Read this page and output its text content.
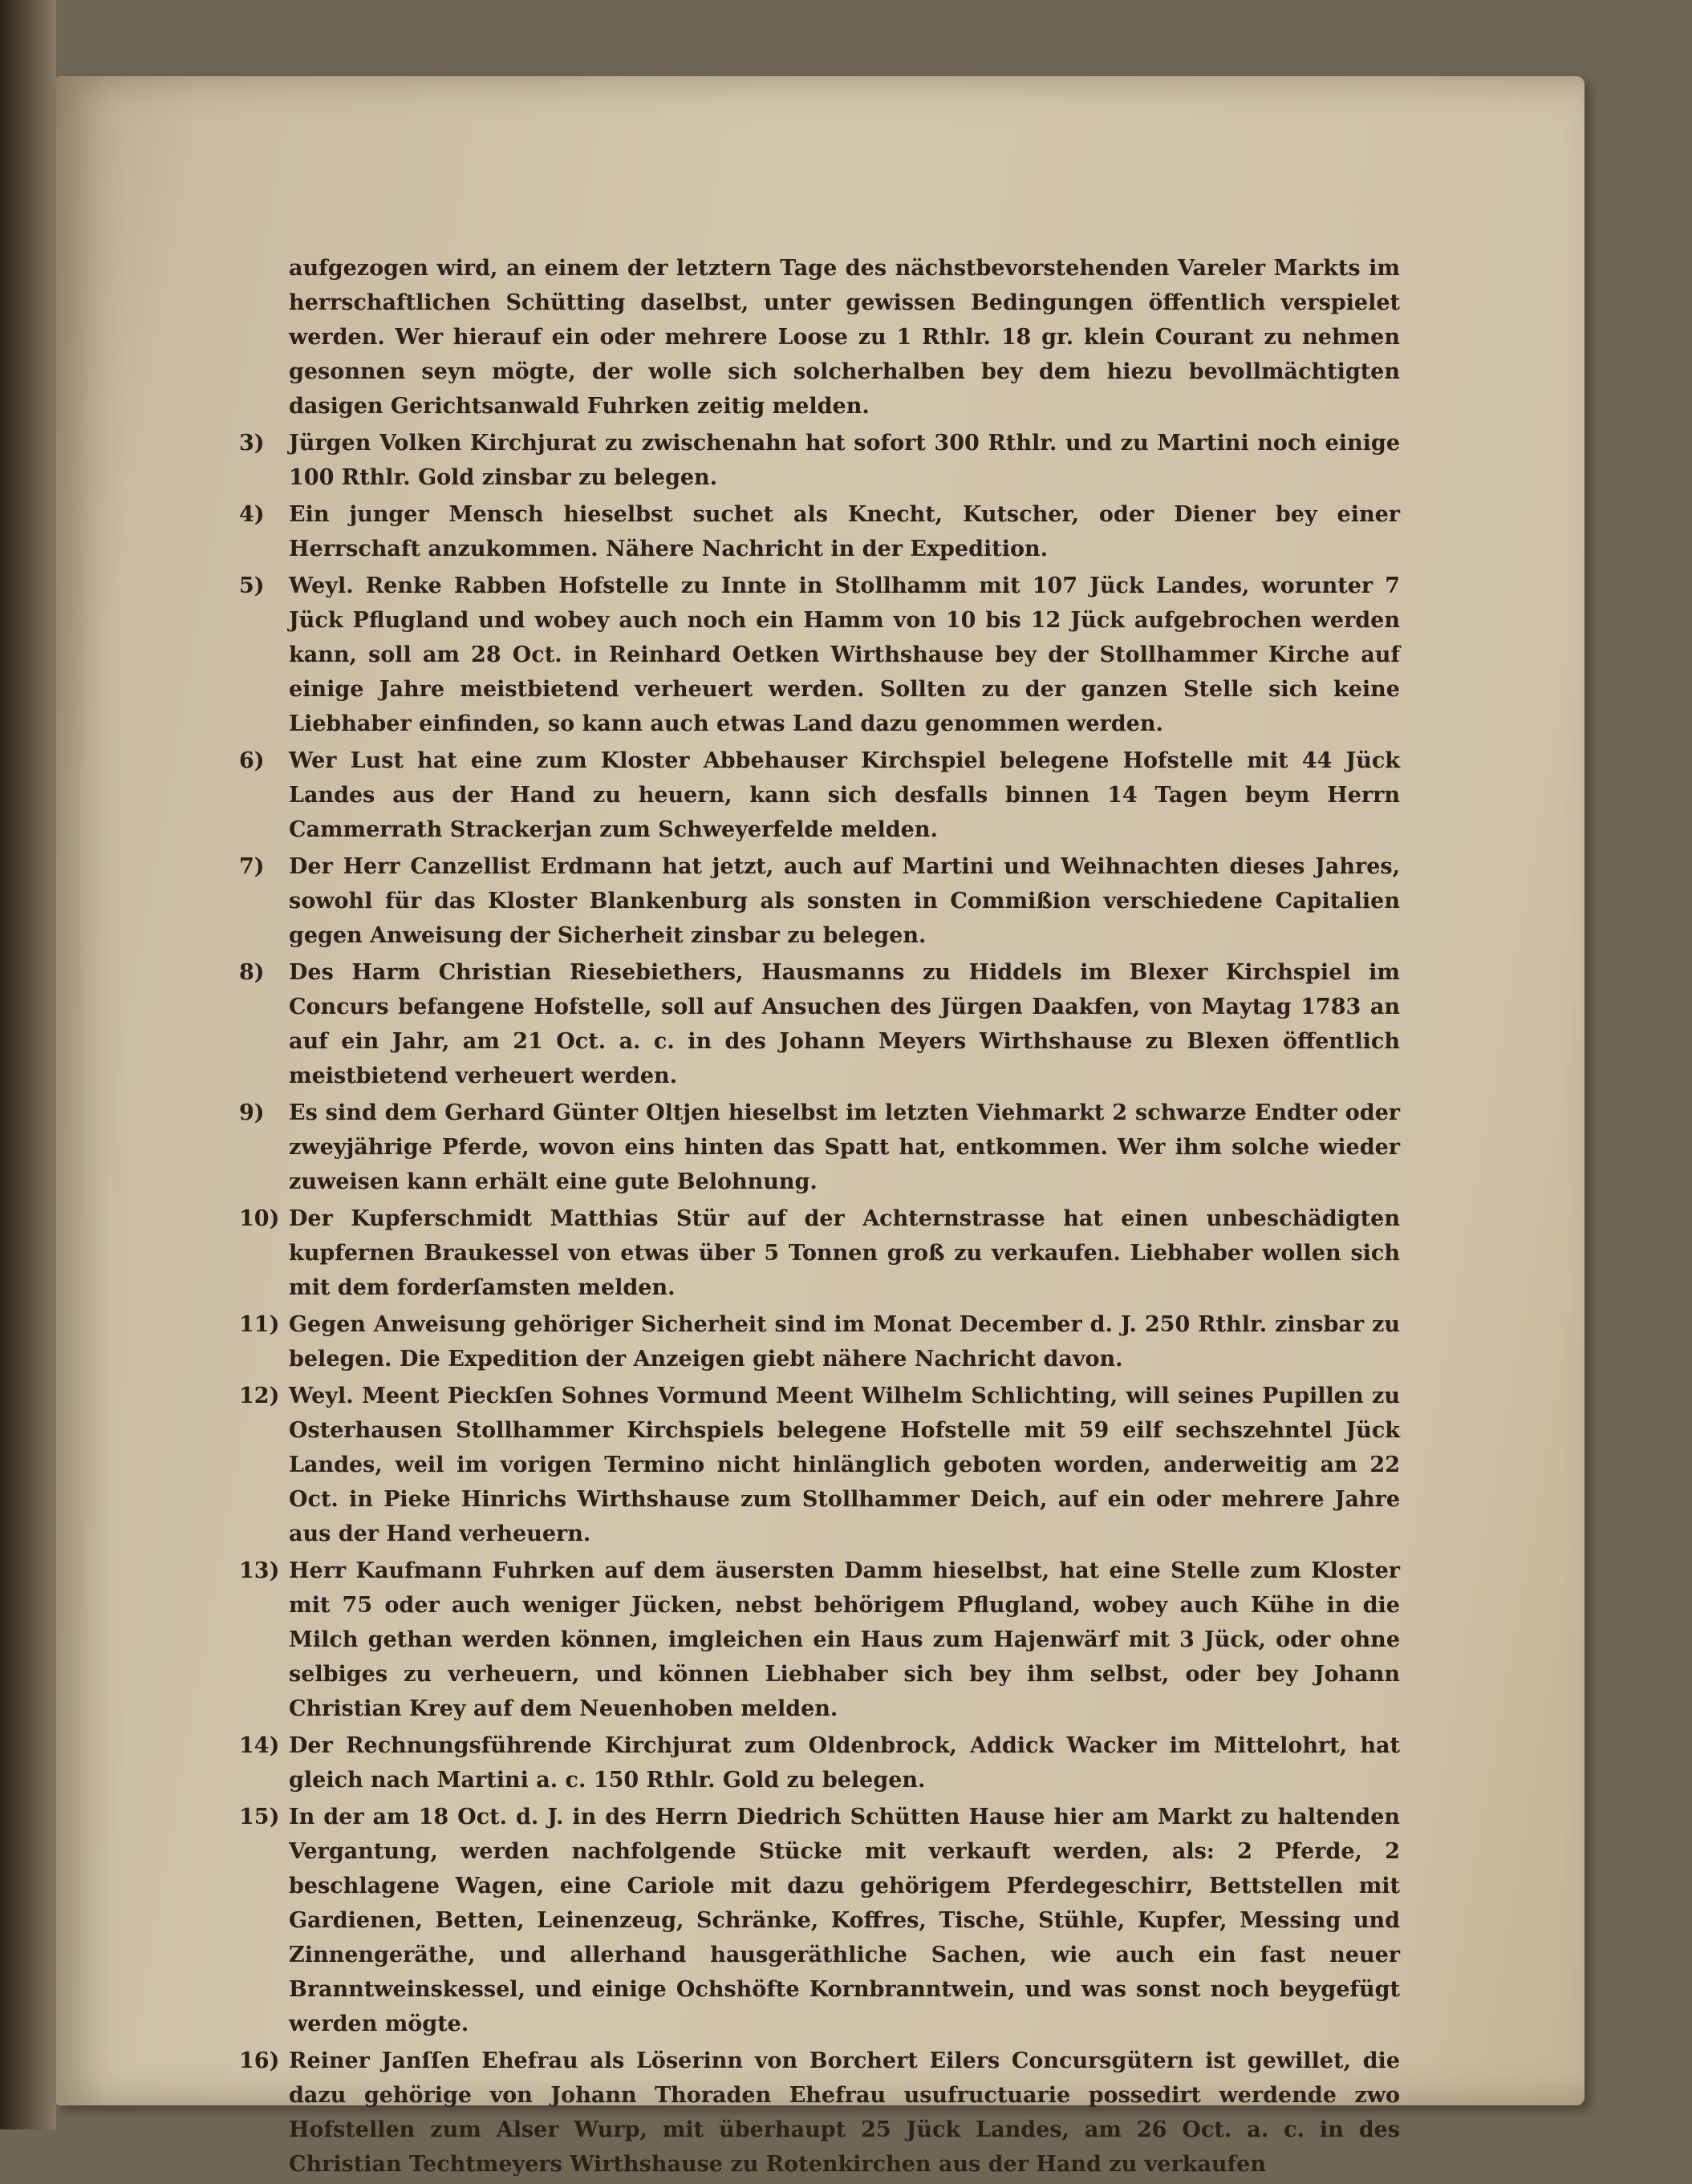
aufgezogen wird, an einem der letztern Tage des nächstbevorstehenden Vareler Markts im herrschaftlichen Schütting daselbst, unter gewissen Bedingungen öffentlich verspielet werden. Wer hierauf ein oder mehrere Loose zu 1 Rthlr. 18 gr. klein Courant zu nehmen gesonnen seyn mögte, der wolle sich solcherhalben bey dem hiezu bevollmächtigten dasigen Gerichtsanwald Fuhrken zeitig melden.
3)	Jürgen Volken Kirchjurat zu zwischenahn hat sofort 300 Rthlr. und zu Martini noch einige 100 Rthlr. Gold zinsbar zu belegen.
4)	Ein junger Mensch hieselbst suchet als Knecht, Kutscher, oder Diener bey einer Herrschaft anzukommen. Nähere Nachricht in der Expedition.
5)	Weyl. Renke Rabben Hofstelle zu Innte in Stollhamm mit 107 Jück Landes, worunter 7 Jück Pflugland und wobey auch noch ein Hamm von 10 bis 12 Jück aufgebrochen werden kann, soll am 28 Oct. in Reinhard Oetken Wirthshause bey der Stollhammer Kirche auf einige Jahre meistbietend verheuert werden. Sollten zu der ganzen Stelle sich keine Liebhaber einfinden, so kann auch etwas Land dazu genommen werden.
6)	Wer Lust hat eine zum Kloster Abbehauser Kirchspiel belegene Hofstelle mit 44 Jück Landes aus der Hand zu heuern, kann sich desfalls binnen 14 Tagen beym Herrn Cammerrath Strackerjan zum Schweyerfelde melden.
7)	Der Herr Canzellist Erdmann hat jetzt, auch auf Martini und Weihnachten dieses Jahres, sowohl für das Kloster Blankenburg als sonsten in Commißion verschiedene Capitalien gegen Anweisung der Sicherheit zinsbar zu belegen.
8)	Des Harm Christian Riesebiethers, Hausmanns zu Hiddels im Blexer Kirchspiel im Concurs befangene Hofstelle, soll auf Ansuchen des Jürgen Daakfen, von Maytag 1783 an auf ein Jahr, am 21 Oct. a. c. in des Johann Meyers Wirthshause zu Blexen öffentlich meistbietend verheuert werden.
9)	Es sind dem Gerhard Günter Oltjen hieselbst im letzten Viehmarkt 2 schwarze Endter oder zweyjährige Pferde, wovon eins hinten das Spatt hat, entkommen. Wer ihm solche wieder zuweisen kann erhält eine gute Belohnung.
10) Der Kupferschmidt Matthias Stür auf der Achternstrasse hat einen unbeschädigten kupfernen Braukessel von etwas über 5 Tonnen groß zu verkaufen. Liebhaber wollen sich mit dem forderſamsten melden.
11) Gegen Anweisung gehöriger Sicherheit sind im Monat December d. J. 250 Rthlr. zinsbar zu belegen. Die Expedition der Anzeigen giebt nähere Nachricht davon.
12) Weyl. Meent Pieckſen Sohnes Vormund Meent Wilhelm Schlichting, will seines Pupillen zu Osterhausen Stollhammer Kirchspiels belegene Hofstelle mit 59 eilf sechszehntel Jück Landes, weil im vorigen Termino nicht hinlänglich geboten worden, anderweitig am 22 Oct. in Pieke Hinrichs Wirthshause zum Stollhammer Deich, auf ein oder mehrere Jahre aus der Hand verheuern.
13) Herr Kaufmann Fuhrken auf dem äusersten Damm hieselbst, hat eine Stelle zum Kloster mit 75 oder auch weniger Jücken, nebst behörigem Pflugland, wobey auch Kühe in die Milch gethan werden können, imgleichen ein Haus zum Hajenwärf mit 3 Jück, oder ohne selbiges zu verheuern, und können Liebhaber sich bey ihm selbst, oder bey Johann Christian Krey auf dem Neuenhoben melden.
14) Der Rechnungsführende Kirchjurat zum Oldenbrock, Addick Wacker im Mittelohrt, hat gleich nach Martini a. c. 150 Rthlr. Gold zu belegen.
15) In der am 18 Oct. d. J. in des Herrn Diedrich Schütten Hause hier am Markt zu haltenden Vergantung, werden nachfolgende Stücke mit verkauft werden, als: 2 Pferde, 2 beschlagene Wagen, eine Cariole mit dazu gehörigem Pferdegeschirr, Bettstellen mit Gardienen, Betten, Leinenzeug, Schränke, Koffres, Tische, Stühle, Kupfer, Messing und Zinnengeräthe, und allerhand hausgeräthliche Sachen, wie auch ein fast neuer Branntweinskessel, und einige Ochshöfte Kornbranntwein, und was sonst noch beygefügt werden mögte.
16) Reiner Janſſen Ehefrau als Löserinn von Borchert Eilers Concursgütern ist gewillet, die dazu gehörige von Johann Thoraden Ehefrau usufructuarie possedirt werdende zwo Hofstellen zum Alser Wurp, mit überhaupt 25 Jück Landes, am 26 Oct. a. c. in des Christian Techtmeyers Wirthshause zu Rotenkirchen aus der Hand zu verkaufen
